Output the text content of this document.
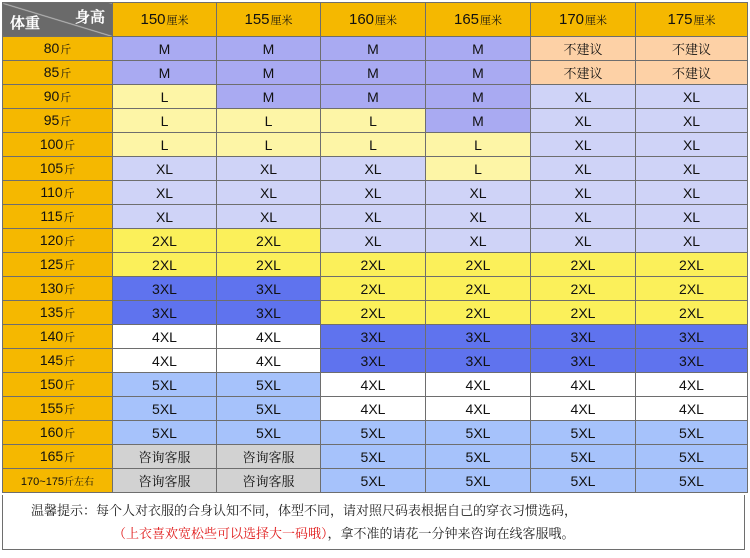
身高
体重	150厘米	155厘米	160厘米	165厘米	170厘米	175厘米
80斤	M	M	M	M	不建议	不建议
85斤	M	M	M	M	不建议	不建议
90斤	L	M	M	M	XL	XL
95斤	L	L	L	M	XL	XL
100斤	L	L	L	L	XL	XL
105斤	XL	XL	XL	L	XL	XL
110斤	XL	XL	XL	XL	XL	XL
115斤	XL	XL	XL	XL	XL	XL
120斤	2XL	2XL	XL	XL	XL	XL
125斤	2XL	2XL	2XL	2XL	2XL	2XL
130斤	3XL	3XL	2XL	2XL	2XL	2XL
135斤	3XL	3XL	2XL	2XL	2XL	2XL
140斤	4XL	4XL	3XL	3XL	3XL	3XL
145斤	4XL	4XL	3XL	3XL	3XL	3XL
150斤	5XL	5XL	4XL	4XL	4XL	4XL
155斤	5XL	5XL	4XL	4XL	4XL	4XL
160斤	5XL	5XL	5XL	5XL	5XL	5XL
165斤	咨询客服	咨询客服	5XL	5XL	5XL	5XL
170~175斤左右	咨询客服	咨询客服	5XL	5XL	5XL	5XL
温馨提示：每个人对衣服的合身认知不同，体型不同，请对照尺码表根据自己的穿衣习惯选码，
（上衣喜欢宽松些可以选择大一码哦），拿不准的请花一分钟来咨询在线客服哦。
